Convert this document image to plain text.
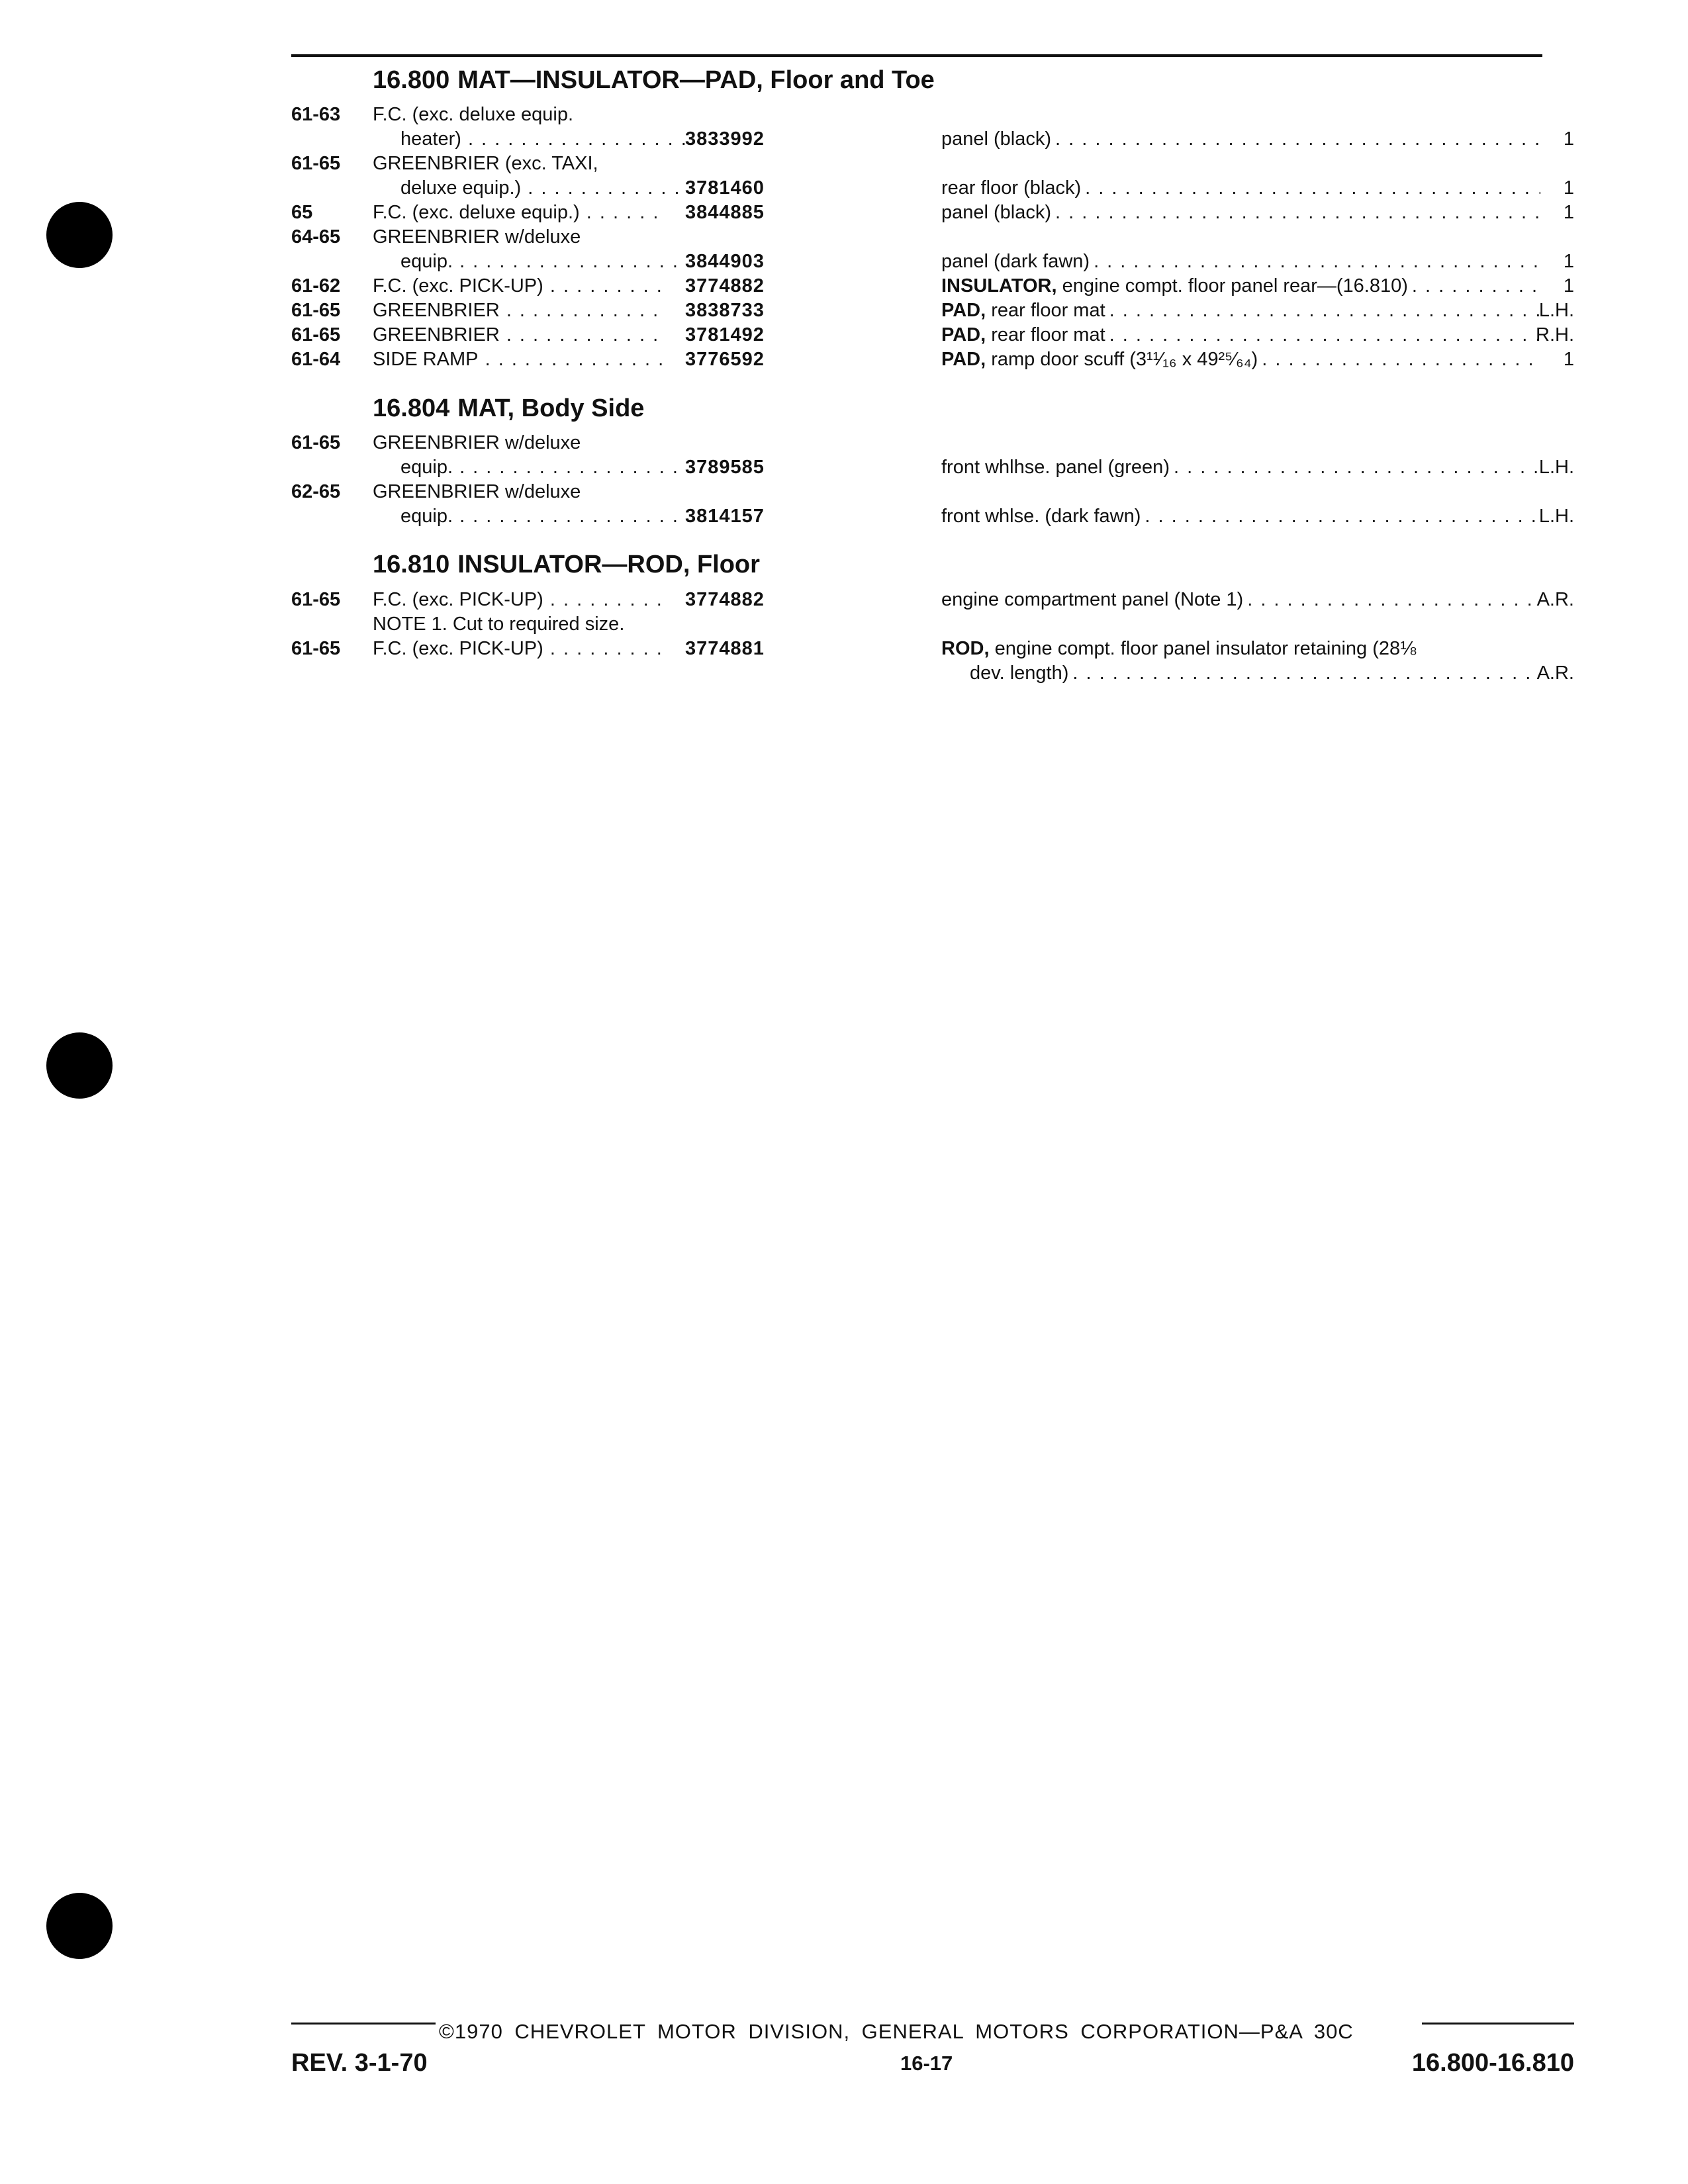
16.800 MAT—INSULATOR—PAD, Floor and Toe
61-63 F.C. (exc. deluxe equip.
heater) . . .	3833992	panel (black) . . .	1
61-65 GREENBRIER (exc. TAXI,
deluxe equip.) . . .	3781460	rear floor (black) . . .	1
65	F.C. (exc. deluxe equip.) . . .	3844885	panel (black) . . .	1
64-65 GREENBRIER w/deluxe
equip. . . .	3844903	panel (dark fawn) . . .	1
61-62 F.C. (exc. PICK-UP) . . .	3774882	INSULATOR, engine compt. floor panel rear—(16.810) . . .	1
61-65 GREENBRIER . . .	3838733	PAD, rear floor mat . . .	L.H.
61-65 GREENBRIER . . .	3781492	PAD, rear floor mat . . .	R.H.
61-64 SIDE RAMP . . .	3776592	PAD, ramp door scuff (3¹¹⁄₁₆ x 49²⁵⁄₆₄) . . .	1
16.804 MAT, Body Side
61-65 GREENBRIER w/deluxe
equip. . . .	3789585	front whlhse. panel (green) . . .	L.H.
62-65 GREENBRIER w/deluxe
equip. . . .	3814157	front whlse. (dark fawn) . . .	L.H.
16.810 INSULATOR—ROD, Floor
61-65 F.C. (exc. PICK-UP) . . .	3774882	engine compartment panel (Note 1) . . .	A.R.
NOTE 1. Cut to required size.
61-65 F.C. (exc. PICK-UP) . . .	3774881	ROD, engine compt. floor panel insulator retaining (28⅛
dev. length) . . .	A.R.
©1970 CHEVROLET MOTOR DIVISION, GENERAL MOTORS CORPORATION—P&A 30C
REV. 3-1-70	16-17	16.800-16.810
